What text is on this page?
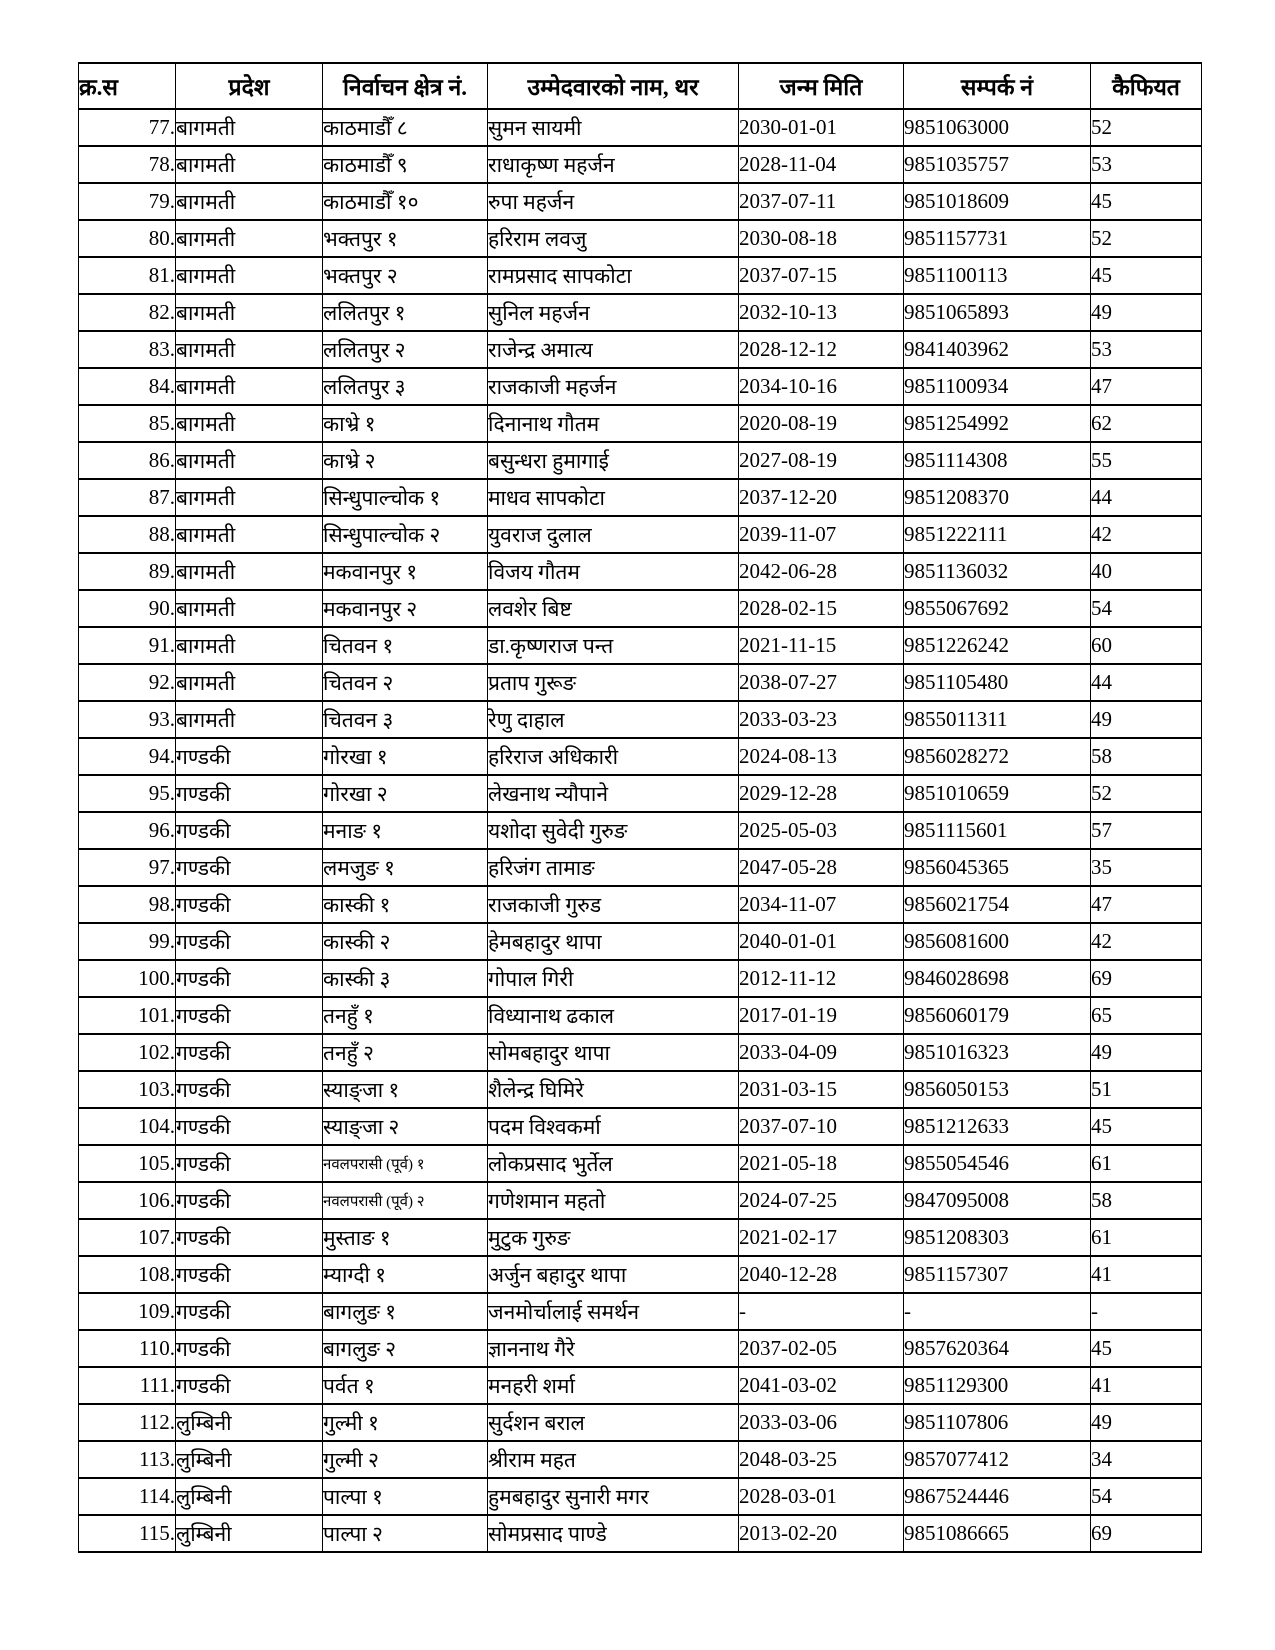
क्र.स	प्रदेश	निर्वाचन क्षेत्र नं.	उम्मेदवारको नाम, थर	जन्म मिति	सम्पर्क नं	कैफियत
77.	बागमती	काठमाडौँ ८	सुमन सायमी	2030-01-01	9851063000	52
78.	बागमती	काठमाडौँ ९	राधाकृष्ण महर्जन	2028-11-04	9851035757	53
79.	बागमती	काठमाडौँ १०	रुपा महर्जन	2037-07-11	9851018609	45
80.	बागमती	भक्तपुर १	हरिराम लवजु	2030-08-18	9851157731	52
81.	बागमती	भक्तपुर २	रामप्रसाद सापकोटा	2037-07-15	9851100113	45
82.	बागमती	ललितपुर १	सुनिल महर्जन	2032-10-13	9851065893	49
83.	बागमती	ललितपुर २	राजेन्द्र अमात्य	2028-12-12	9841403962	53
84.	बागमती	ललितपुर ३	राजकाजी महर्जन	2034-10-16	9851100934	47
85.	बागमती	काभ्रे १	दिनानाथ गौतम	2020-08-19	9851254992	62
86.	बागमती	काभ्रे २	बसुन्धरा हुमागाई	2027-08-19	9851114308	55
87.	बागमती	सिन्धुपाल्चोक १	माधव सापकोटा	2037-12-20	9851208370	44
88.	बागमती	सिन्धुपाल्चोक २	युवराज दुलाल	2039-11-07	9851222111	42
89.	बागमती	मकवानपुर १	विजय गौतम	2042-06-28	9851136032	40
90.	बागमती	मकवानपुर २	लवशेर बिष्ट	2028-02-15	9855067692	54
91.	बागमती	चितवन १	डा.कृष्णराज पन्त	2021-11-15	9851226242	60
92.	बागमती	चितवन २	प्रताप गुरूङ	2038-07-27	9851105480	44
93.	बागमती	चितवन ३	रेणु दाहाल	2033-03-23	9855011311	49
94.	गण्डकी	गोरखा १	हरिराज अधिकारी	2024-08-13	9856028272	58
95.	गण्डकी	गोरखा २	लेखनाथ न्यौपाने	2029-12-28	9851010659	52
96.	गण्डकी	मनाङ १	यशोदा सुवेदी गुरुङ	2025-05-03	9851115601	57
97.	गण्डकी	लमजुङ १	हरिजंग तामाङ	2047-05-28	9856045365	35
98.	गण्डकी	कास्की १	राजकाजी गुरुड	2034-11-07	9856021754	47
99.	गण्डकी	कास्की २	हेमबहादुर थापा	2040-01-01	9856081600	42
100.	गण्डकी	कास्की ३	गोपाल गिरी	2012-11-12	9846028698	69
101.	गण्डकी	तनहुँ १	विध्यानाथ ढकाल	2017-01-19	9856060179	65
102.	गण्डकी	तनहुँ २	सोमबहादुर थापा	2033-04-09	9851016323	49
103.	गण्डकी	स्याङ्जा १	शैलेन्द्र घिमिरे	2031-03-15	9856050153	51
104.	गण्डकी	स्याङ्जा २	पदम विश्वकर्मा	2037-07-10	9851212633	45
105.	गण्डकी	नवलपरासी (पूर्व) १	लोकप्रसाद भुर्तेल	2021-05-18	9855054546	61
106.	गण्डकी	नवलपरासी (पूर्व) २	गणेशमान महतो	2024-07-25	9847095008	58
107.	गण्डकी	मुस्ताङ १	मुटुक गुरुङ	2021-02-17	9851208303	61
108.	गण्डकी	म्याग्दी १	अर्जुन बहादुर थापा	2040-12-28	9851157307	41
109.	गण्डकी	बागलुङ १	जनमोर्चालाई समर्थन	-	-	-
110.	गण्डकी	बागलुङ २	ज्ञाननाथ गैरे	2037-02-05	9857620364	45
111.	गण्डकी	पर्वत १	मनहरी शर्मा	2041-03-02	9851129300	41
112.	लुम्बिनी	गुल्मी १	सुर्दशन बराल	2033-03-06	9851107806	49
113.	लुम्बिनी	गुल्मी २	श्रीराम महत	2048-03-25	9857077412	34
114.	लुम्बिनी	पाल्पा १	हुमबहादुर सुनारी मगर	2028-03-01	9867524446	54
115.	लुम्बिनी	पाल्पा २	सोमप्रसाद पाण्डे	2013-02-20	9851086665	69
